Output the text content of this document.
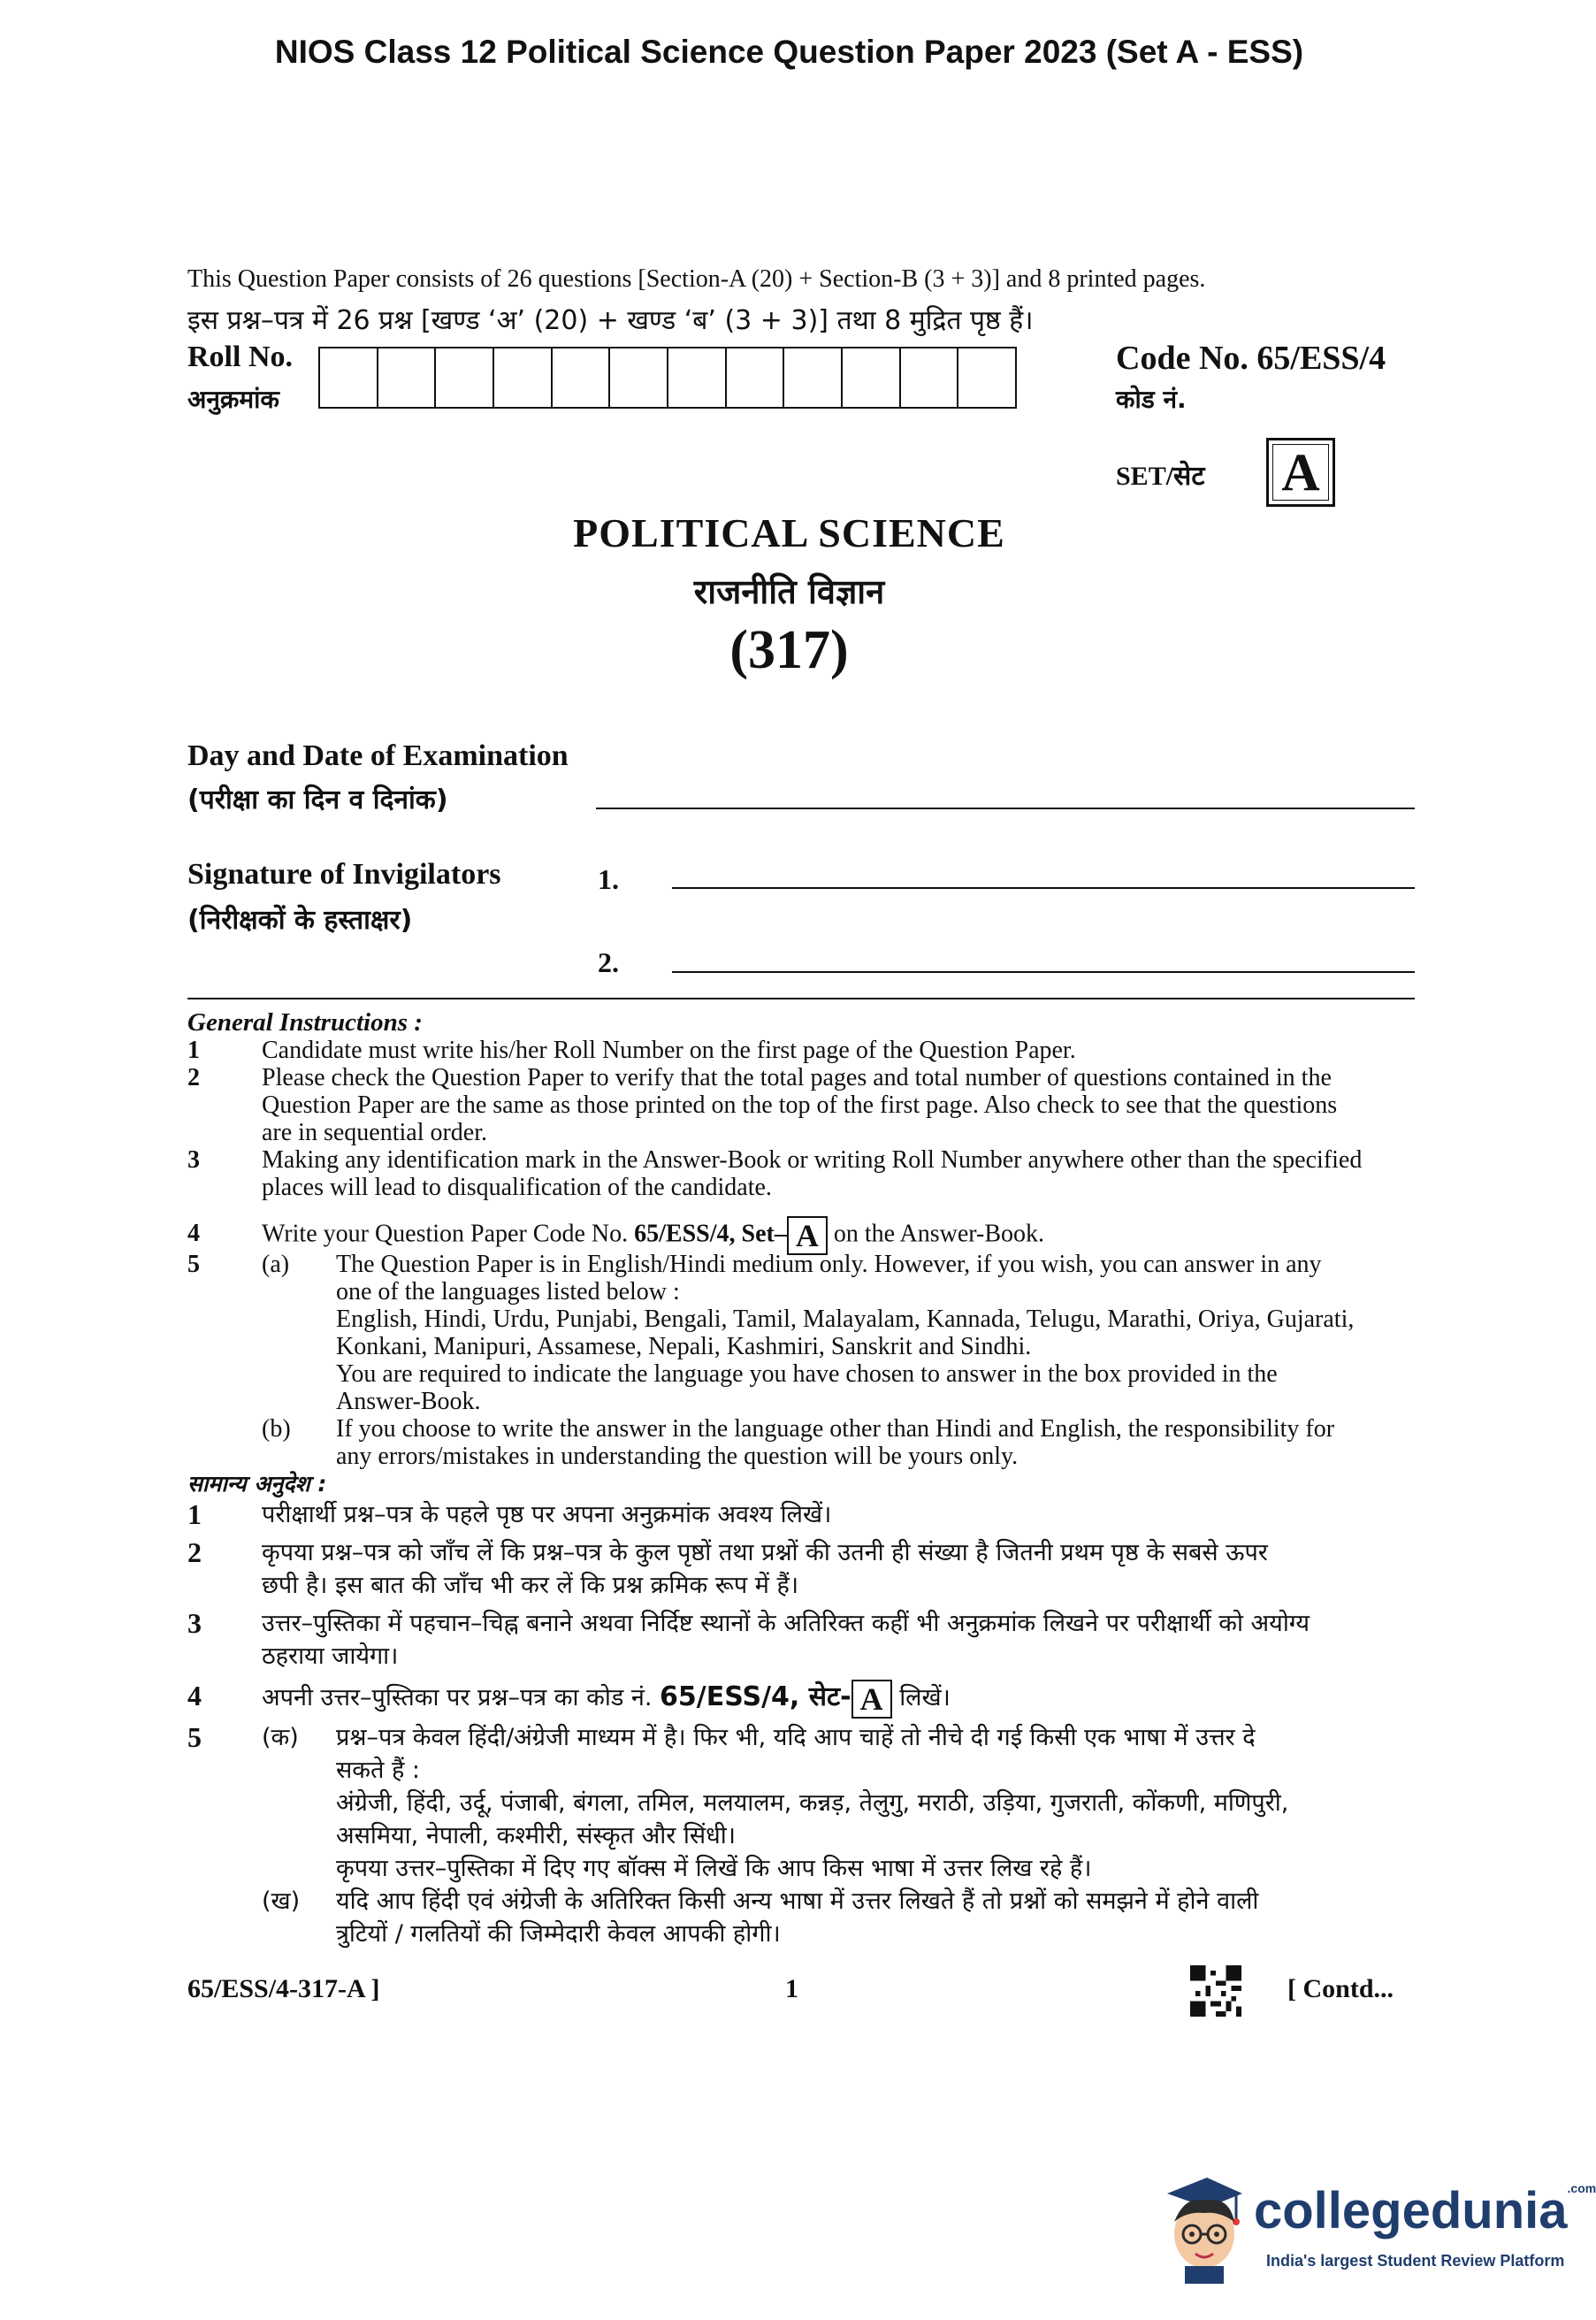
NIOS Class 12 Political Science Question Paper 2023 (Set A - ESS)
This Question Paper consists of 26 questions [Section-A (20) + Section-B (3 + 3)] and 8 printed pages.
इस प्रश्न–पत्र में 26 प्रश्न [खण्ड ‘अ’ (20) + खण्ड ‘ब’ (3 + 3)] तथा 8 मुद्रित पृष्ठ हैं।
Roll No.
अनुक्रमांक
Code No. 65/ESS/4
कोड नं.
SET/सेट A
POLITICAL SCIENCE
राजनीति विज्ञान
(317)
Day and Date of Examination
(परीक्षा का दिन व दिनांक)
Signature of Invigilators
(निरीक्षकों के हस्ताक्षर)
1.
2.
General Instructions :
1	Candidate must write his/her Roll Number on the first page of the Question Paper.
2	Please check the Question Paper to verify that the total pages and total number of questions contained in the
Question Paper are the same as those printed on the top of the first page. Also check to see that the questions
are in sequential order.
3	Making any identification mark in the Answer-Book or writing Roll Number anywhere other than the specified
places will lead to disqualification of the candidate.
4	Write your Question Paper Code No. 65/ESS/4, Set– A on the Answer-Book.
5	(a)	The Question Paper is in English/Hindi medium only. However, if you wish, you can answer in any
one of the languages listed below :
English, Hindi, Urdu, Punjabi, Bengali, Tamil, Malayalam, Kannada, Telugu, Marathi, Oriya, Gujarati,
Konkani, Manipuri, Assamese, Nepali, Kashmiri, Sanskrit and Sindhi.
You are required to indicate the language you have chosen to answer in the box provided in the
Answer-Book.
(b)	If you choose to write the answer in the language other than Hindi and English, the responsibility for
any errors/mistakes in understanding the question will be yours only.
सामान्य अनुदेश :
1	परीक्षार्थी प्रश्न–पत्र के पहले पृष्ठ पर अपना अनुक्रमांक अवश्य लिखें।
2	कृपया प्रश्न–पत्र को जाँच लें कि प्रश्न–पत्र के कुल पृष्ठों तथा प्रश्नों की उतनी ही संख्या है जितनी प्रथम पृष्ठ के सबसे ऊपर
छपी है। इस बात की जाँच भी कर लें कि प्रश्न क्रमिक रूप में हैं।
3	उत्तर–पुस्तिका में पहचान–चिह्न बनाने अथवा निर्दिष्ट स्थानों के अतिरिक्त कहीं भी अनुक्रमांक लिखने पर परीक्षार्थी को अयोग्य
ठहराया जायेगा।
4	अपनी उत्तर–पुस्तिका पर प्रश्न–पत्र का कोड नं. 65/ESS/4, सेट- A लिखें।
5	(क)	प्रश्न–पत्र केवल हिंदी/अंग्रेजी माध्यम में है। फिर भी, यदि आप चाहें तो नीचे दी गई किसी एक भाषा में उत्तर दे
सकते हैं :
अंग्रेजी, हिंदी, उर्दू, पंजाबी, बंगला, तमिल, मलयालम, कन्नड़, तेलुगु, मराठी, उड़िया, गुजराती, कोंकणी, मणिपुरी,
असमिया, नेपाली, कश्मीरी, संस्कृत और सिंधी।
कृपया उत्तर–पुस्तिका में दिए गए बॉक्स में लिखें कि आप किस भाषा में उत्तर लिख रहे हैं।
(ख)	यदि आप हिंदी एवं अंग्रेजी के अतिरिक्त किसी अन्य भाषा में उत्तर लिखते हैं तो प्रश्नों को समझने में होने वाली
त्रुटियों / गलतियों की जिम्मेदारी केवल आपकी होगी।
65/ESS/4-317-A ]	1	[ Contd...
collegedunia$^{.com}$
India's largest Student Review Platform
